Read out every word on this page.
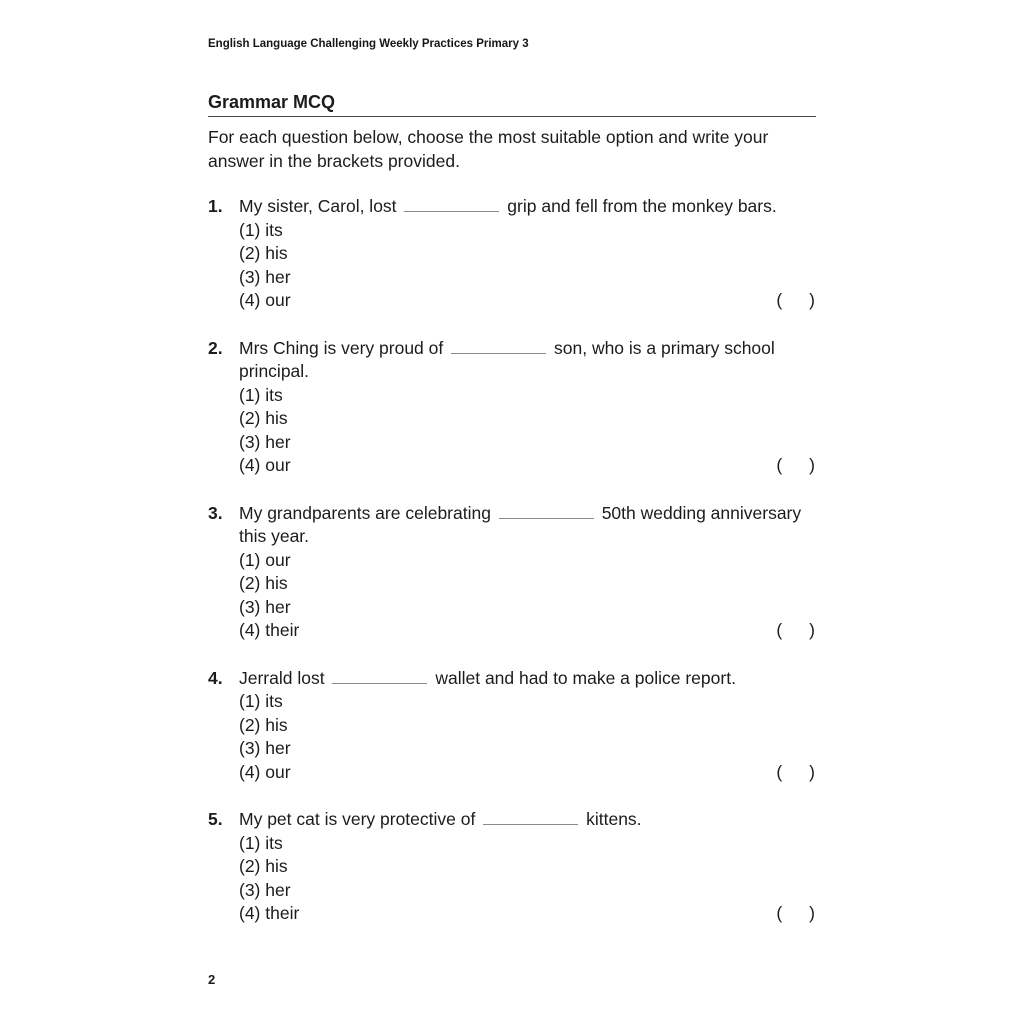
English Language Challenging Weekly Practices Primary 3
Grammar MCQ

For each question below, choose the most suitable option and write your answer in the brackets provided.

1. My sister, Carol, lost	grip and fell from the monkey bars.
(1) its
(2) his
(3) her
(4) our	( )
2. Mrs Ching is very proud of	son, who is a primary school principal.
(1) its
(2) his
(3) her
(4) our	( )
3. My grandparents are celebrating	50th wedding anniversary this year.
(1) our
(2) his
(3) her
(4) their	( )
4. Jerrald lost	wallet and had to make a police report.
(1) its
(2) his
(3) her
(4) our	( )
5. My pet cat is very protective of	kittens.
(1) its
(2) his
(3) her
(4) their	( )
2
